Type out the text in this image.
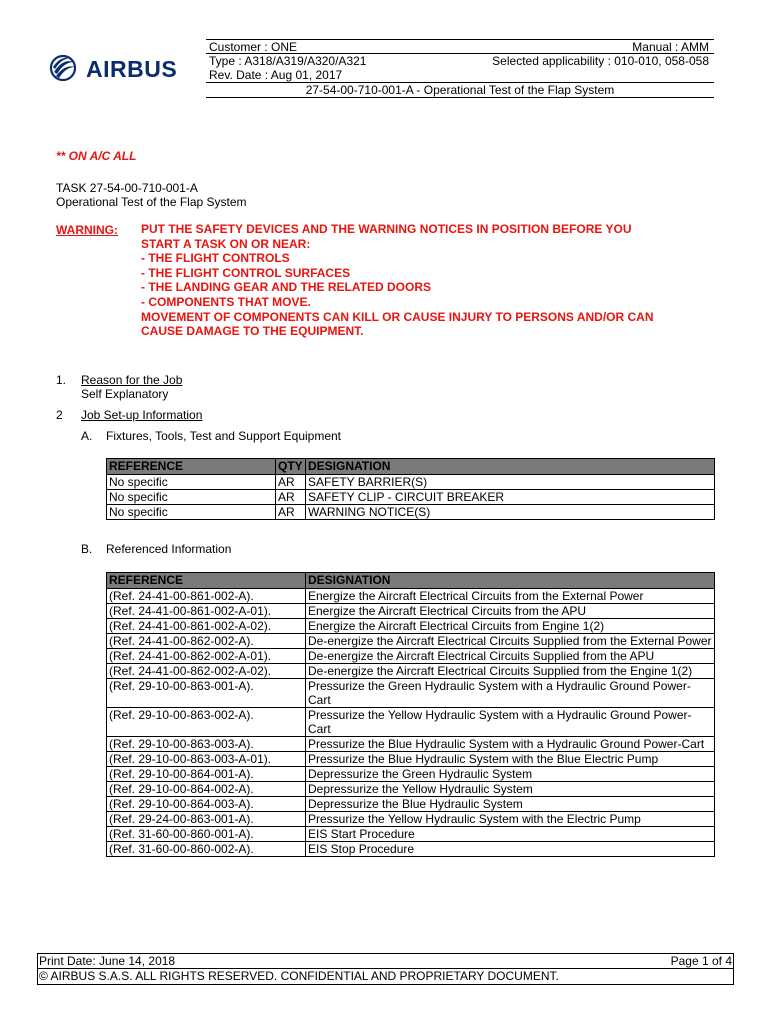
AIRBUS
Customer : ONE	Manual : AMM
Type : A318/A319/A320/A321	Selected applicability : 010-010, 058-058
Rev. Date : Aug 01, 2017
27-54-00-710-001-A - Operational Test of the Flap System
** ON A/C ALL
TASK 27-54-00-710-001-A
Operational Test of the Flap System
WARNING: PUT THE SAFETY DEVICES AND THE WARNING NOTICES IN POSITION BEFORE YOU
START A TASK ON OR NEAR:
- THE FLIGHT CONTROLS
- THE FLIGHT CONTROL SURFACES
- THE LANDING GEAR AND THE RELATED DOORS
- COMPONENTS THAT MOVE.
MOVEMENT OF COMPONENTS CAN KILL OR CAUSE INJURY TO PERSONS AND/OR CAN
CAUSE DAMAGE TO THE EQUIPMENT.
1. Reason for the Job
Self Explanatory
2 Job Set-up Information
A. Fixtures, Tools, Test and Support Equipment
REFERENCE	QTY	DESIGNATION
No specific	AR	SAFETY BARRIER(S)
No specific	AR	SAFETY CLIP - CIRCUIT BREAKER
No specific	AR	WARNING NOTICE(S)
B. Referenced Information
REFERENCE	DESIGNATION
(Ref. 24-41-00-861-002-A).	Energize the Aircraft Electrical Circuits from the External Power
(Ref. 24-41-00-861-002-A-01).	Energize the Aircraft Electrical Circuits from the APU
(Ref. 24-41-00-861-002-A-02).	Energize the Aircraft Electrical Circuits from Engine 1(2)
(Ref. 24-41-00-862-002-A).	De-energize the Aircraft Electrical Circuits Supplied from the External Power
(Ref. 24-41-00-862-002-A-01).	De-energize the Aircraft Electrical Circuits Supplied from the APU
(Ref. 24-41-00-862-002-A-02).	De-energize the Aircraft Electrical Circuits Supplied from the Engine 1(2)
(Ref. 29-10-00-863-001-A).	Pressurize the Green Hydraulic System with a Hydraulic Ground Power-Cart
(Ref. 29-10-00-863-002-A).	Pressurize the Yellow Hydraulic System with a Hydraulic Ground Power-Cart
(Ref. 29-10-00-863-003-A).	Pressurize the Blue Hydraulic System with a Hydraulic Ground Power-Cart
(Ref. 29-10-00-863-003-A-01).	Pressurize the Blue Hydraulic System with the Blue Electric Pump
(Ref. 29-10-00-864-001-A).	Depressurize the Green Hydraulic System
(Ref. 29-10-00-864-002-A).	Depressurize the Yellow Hydraulic System
(Ref. 29-10-00-864-003-A).	Depressurize the Blue Hydraulic System
(Ref. 29-24-00-863-001-A).	Pressurize the Yellow Hydraulic System with the Electric Pump
(Ref. 31-60-00-860-001-A).	EIS Start Procedure
(Ref. 31-60-00-860-002-A).	EIS Stop Procedure
Print Date: June 14, 2018	Page 1 of 4
© AIRBUS S.A.S. ALL RIGHTS RESERVED. CONFIDENTIAL AND PROPRIETARY DOCUMENT.
